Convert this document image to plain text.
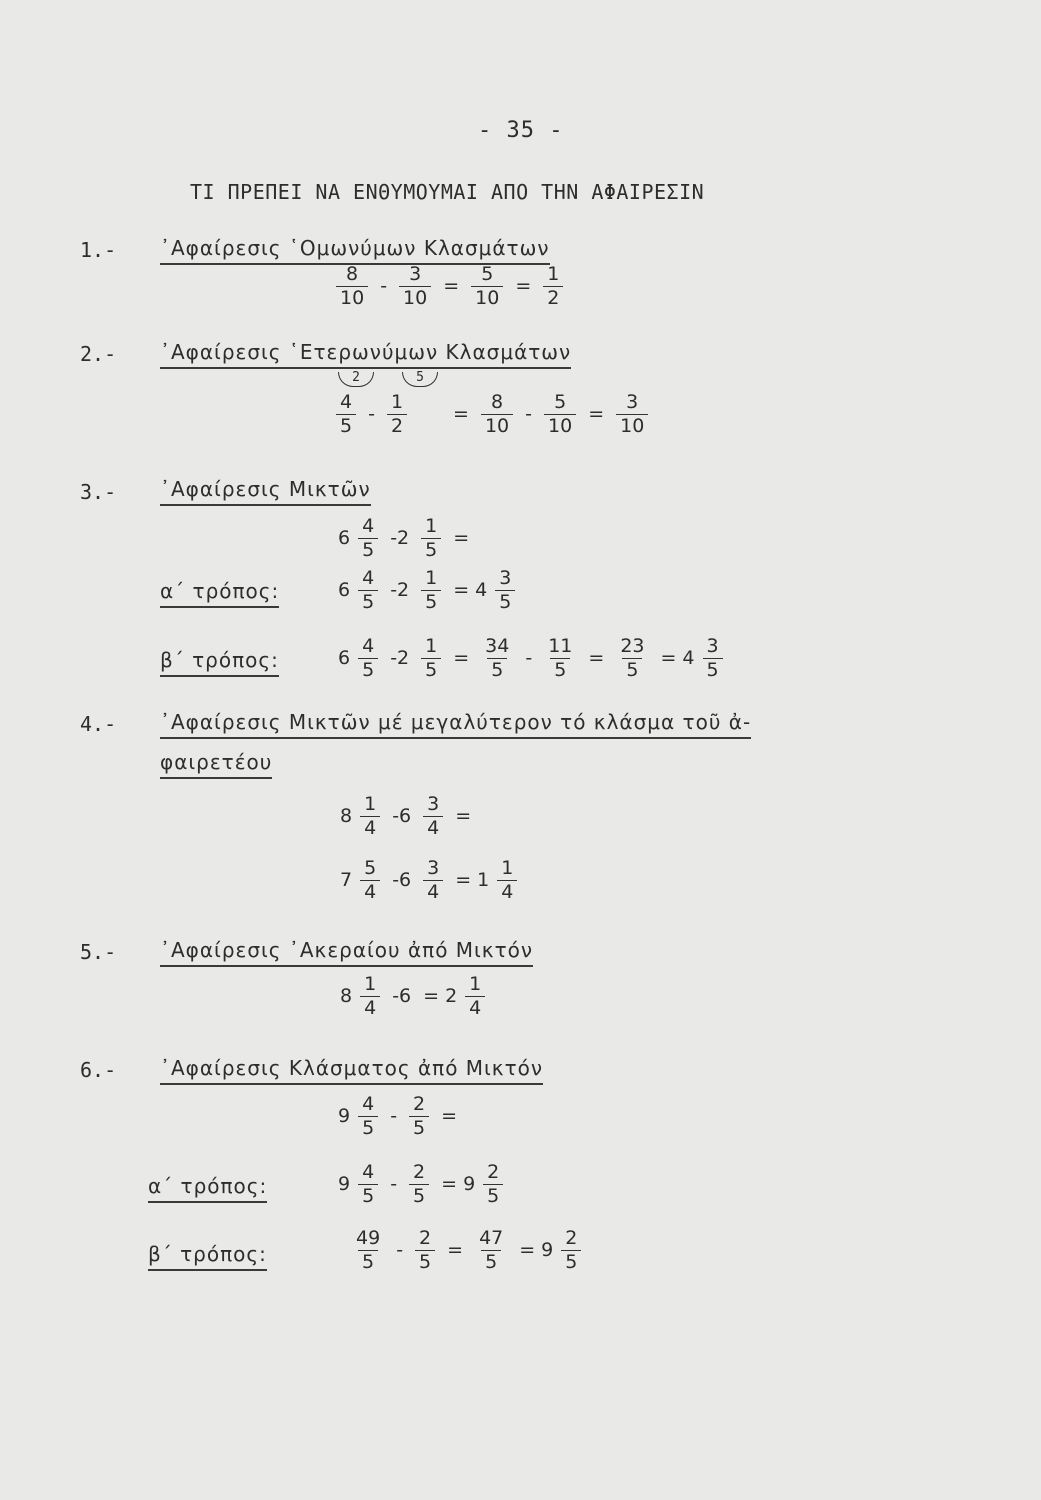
- 35 -
ΤΙ ΠΡΕΠΕΙ ΝΑ ΕΝΘΥΜΟΥΜΑΙ ΑΠΟ ΤΗΝ ΑΦΑΙΡΕΣΙΝ
1.- ᾿Αφαίρεσις ῾Ομωνύμων Κλασμάτων
$\frac{8}{10} - \frac{3}{10} = \frac{5}{10} = \frac{1}{2}$
2.- ᾿Αφαίρεσις ῾Ετερωνύμων Κλασμάτων
2	5
$\frac{4}{5} - \frac{1}{2} = \frac{8}{10} - \frac{5}{10} = \frac{3}{10}$
3.- ᾿Αφαίρεσις Μικτῶν
$6 \frac{4}{5} -2 \frac{1}{5}$ =
α΄ τρόπος:	$6 \frac{4}{5} -2 \frac{1}{5} = 4 \frac{3}{5}$
β΄ τρόπος:	$6 \frac{4}{5} -2 \frac{1}{5} = \frac{34}{5} - \frac{11}{5} = \frac{23}{5} = 4 \frac{3}{5}$
4.- ᾿Αφαίρεσις Μικτῶν μέ μεγαλύτερον τό κλάσμα τοῦ ἀ-
φαιρετέου
$8 \frac{1}{4} -6 \frac{3}{4}$ =
$7 \frac{5}{4} -6 \frac{3}{4} = 1 \frac{1}{4}$
5.- ᾿Αφαίρεσις ᾿Ακεραίου ἀπό Μικτόν
$8 \frac{1}{4} -6 = 2 \frac{1}{4}$
6.- ᾿Αφαίρεσις Κλάσματος ἀπό Μικτόν
$9 \frac{4}{5} - \frac{2}{5}$ =
α΄ τρόπος:	$9 \frac{4}{5} - \frac{2}{5} = 9 \frac{2}{5}$
β΄ τρόπος:	$\frac{49}{5} - \frac{2}{5} = \frac{47}{5} = 9 \frac{2}{5}$
